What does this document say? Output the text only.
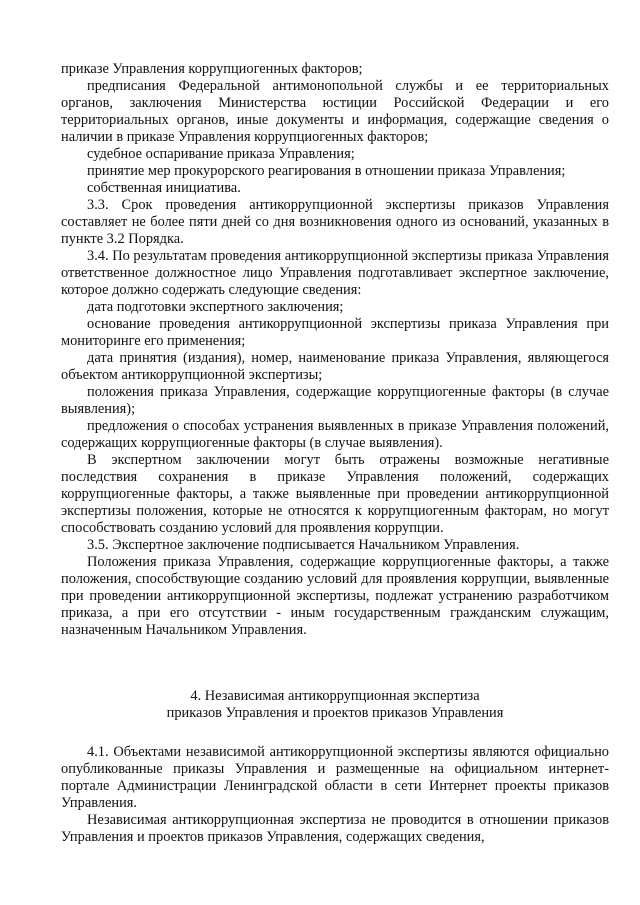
приказе Управления коррупциогенных факторов;

предписания Федеральной антимонопольной службы и ее территориальных органов, заключения Министерства юстиции Российской Федерации и его территориальных органов, иные документы и информация, содержащие сведения о наличии в приказе Управления коррупциогенных факторов;

судебное оспаривание приказа Управления;

принятие мер прокурорского реагирования в отношении приказа Управления;

собственная инициатива.

3.3. Срок проведения антикоррупционной экспертизы приказов Управления составляет не более пяти дней со дня возникновения одного из оснований, указанных в пункте 3.2 Порядка.

3.4. По результатам проведения антикоррупционной экспертизы приказа Управления ответственное должностное лицо Управления подготавливает экспертное заключение, которое должно содержать следующие сведения:

дата подготовки экспертного заключения;

основание проведения антикоррупционной экспертизы приказа Управления при мониторинге его применения;

дата принятия (издания), номер, наименование приказа Управления, являющегося объектом антикоррупционной экспертизы;

положения приказа Управления, содержащие коррупциогенные факторы (в случае выявления);

предложения о способах устранения выявленных в приказе Управления положений, содержащих коррупциогенные факторы (в случае выявления).

В экспертном заключении могут быть отражены возможные негативные последствия сохранения в приказе Управления положений, содержащих коррупциогенные факторы, а также выявленные при проведении антикоррупционной экспертизы положения, которые не относятся к коррупциогенным факторам, но могут способствовать созданию условий для проявления коррупции.

3.5. Экспертное заключение подписывается Начальником Управления.

Положения приказа Управления, содержащие коррупциогенные факторы, а также положения, способствующие созданию условий для проявления коррупции, выявленные при проведении антикоррупционной экспертизы, подлежат устранению разработчиком приказа, а при его отсутствии - иным государственным гражданским служащим, назначенным Начальником Управления.

4. Независимая антикоррупционная экспертиза

приказов Управления и проектов приказов Управления

4.1. Объектами независимой антикоррупционной экспертизы являются официально опубликованные приказы Управления и размещенные на официальном интернет-портале Администрации Ленинградской области в сети Интернет проекты приказов Управления.

Независимая антикоррупционная экспертиза не проводится в отношении приказов Управления и проектов приказов Управления, содержащих сведения,
